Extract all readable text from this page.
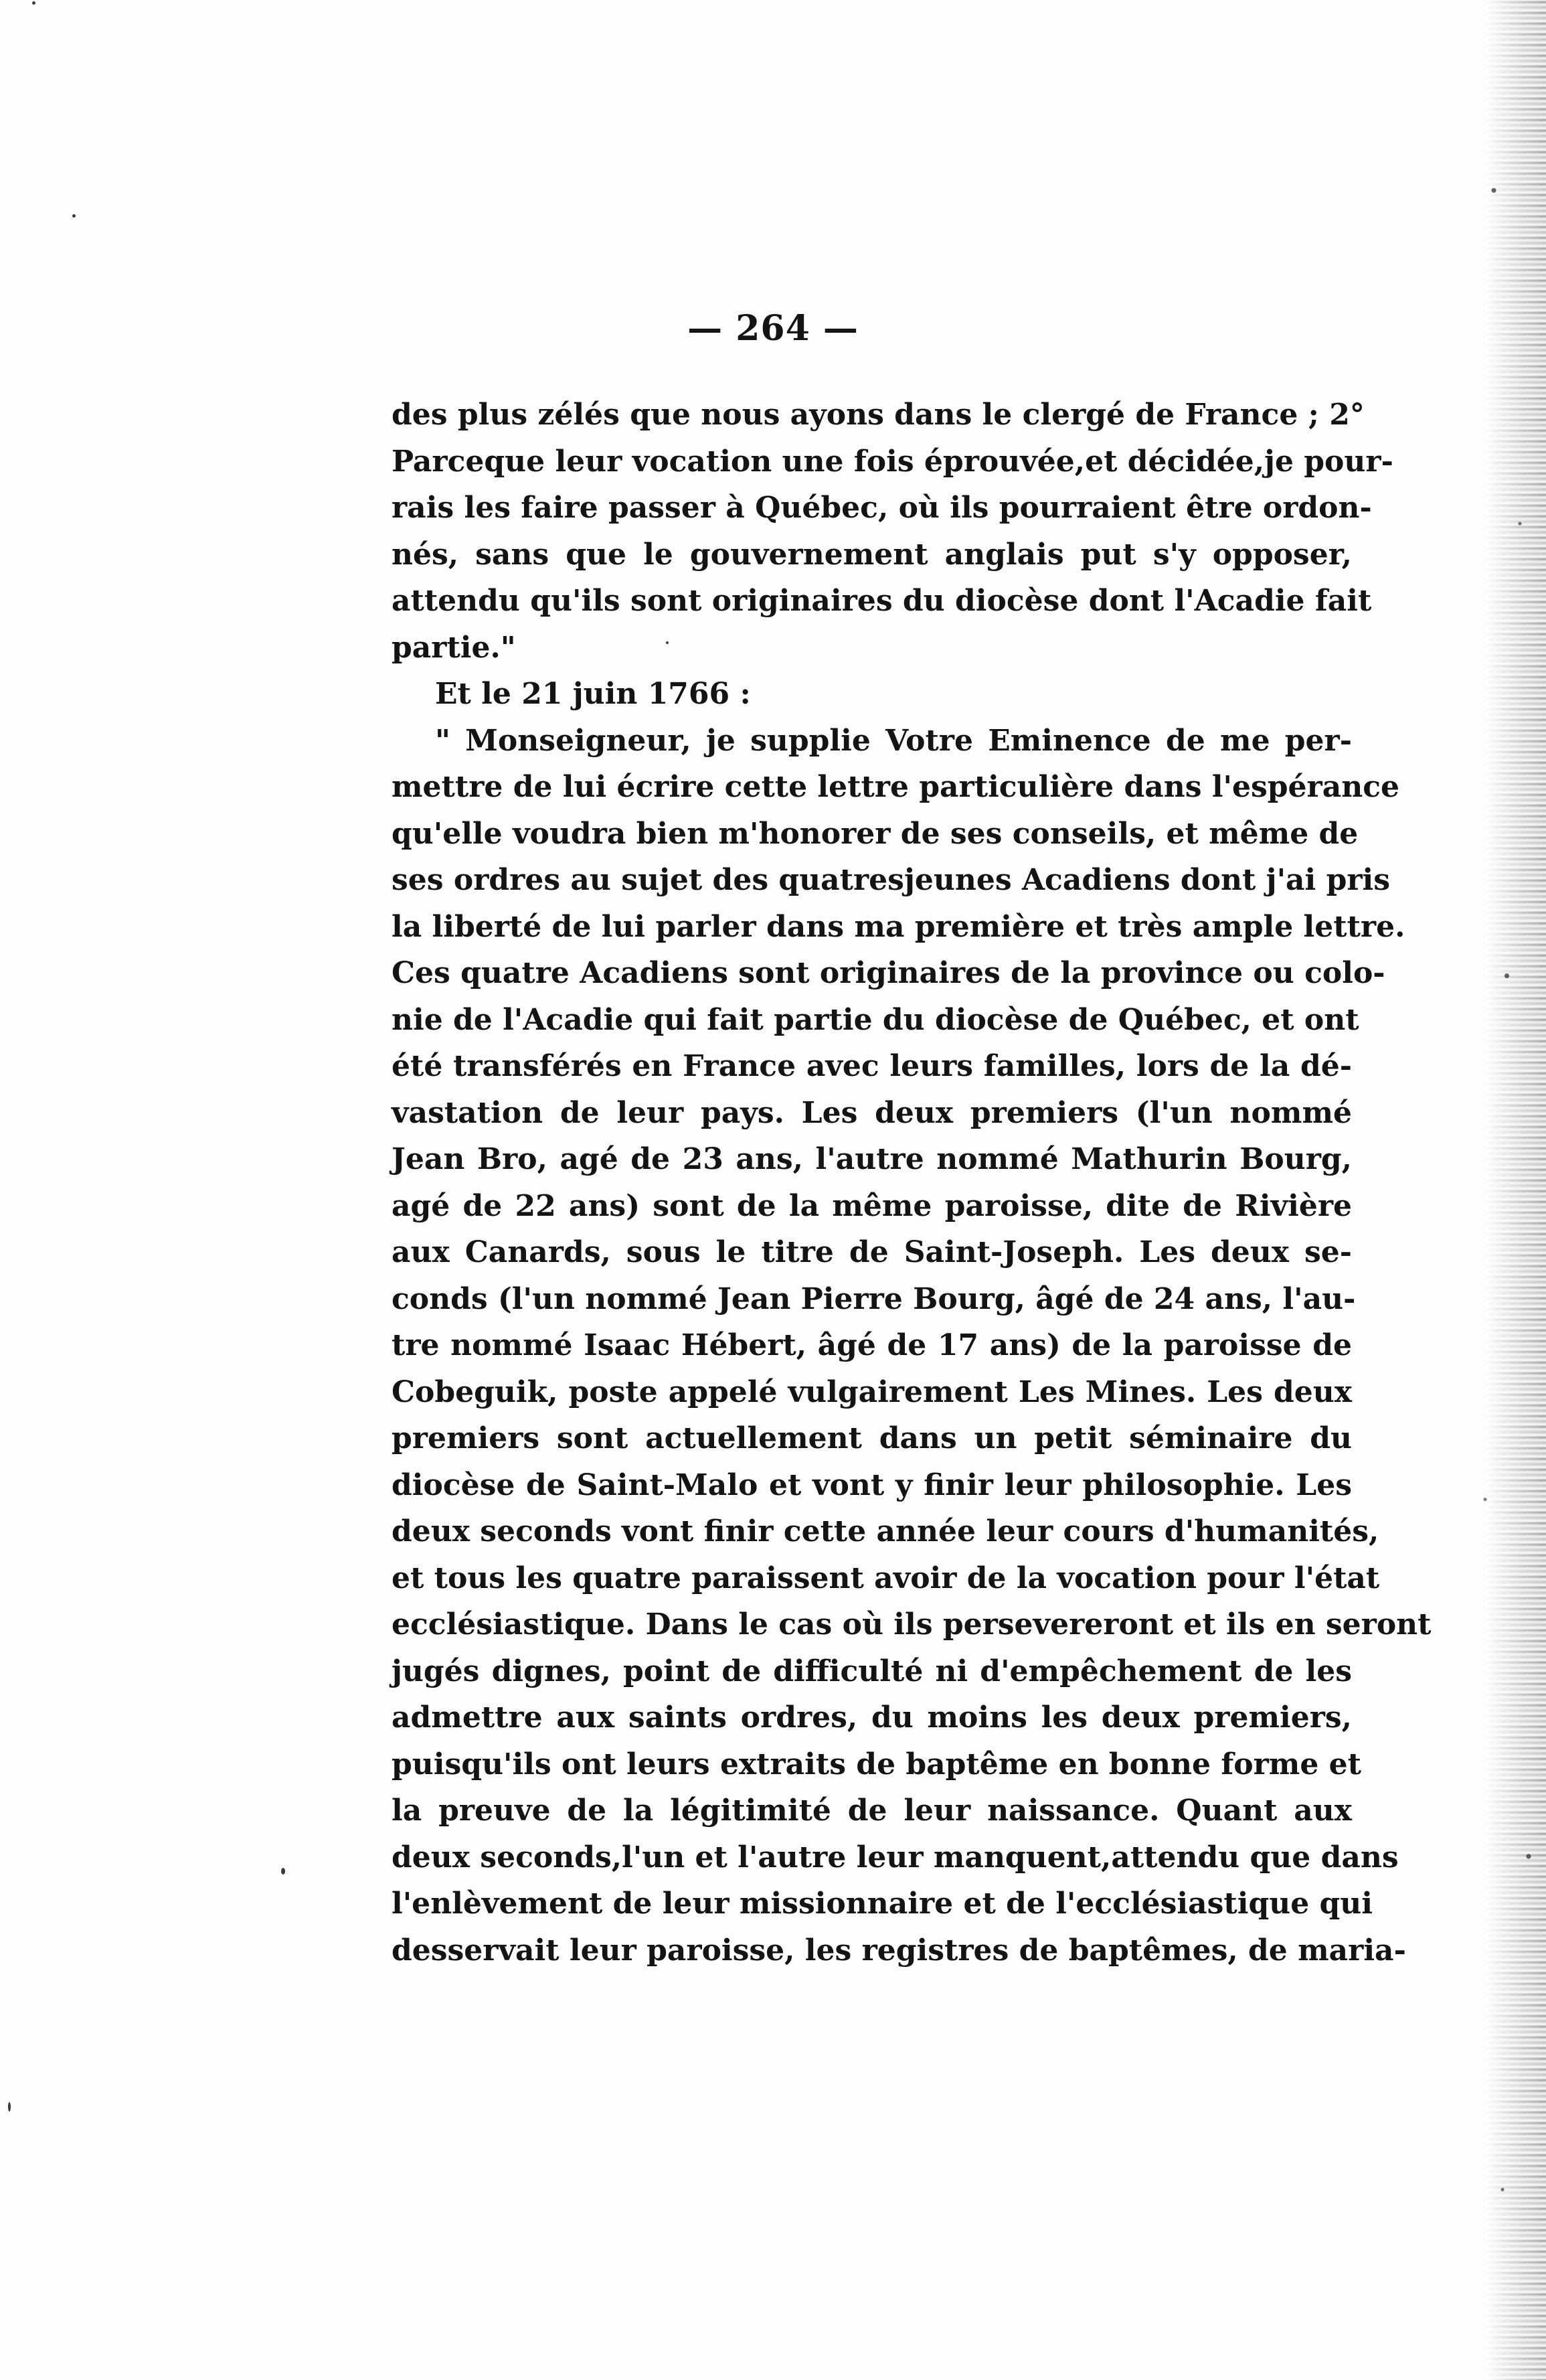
— 264 —
des plus zélés que nous ayons dans le clergé de France ; 2°
Parceque leur vocation une fois éprouvée,et décidée,je pour-
rais les faire passer à Québec, où ils pourraient être ordon-
nés, sans que le gouvernement anglais put s'y opposer,
attendu qu'ils sont originaires du diocèse dont l'Acadie fait
partie."
Et le 21 juin 1766 :
" Monseigneur, je supplie Votre Eminence de me per-
mettre de lui écrire cette lettre particulière dans l'espérance
qu'elle voudra bien m'honorer de ses conseils, et même de
ses ordres au sujet des quatresjeunes Acadiens dont j'ai pris
la liberté de lui parler dans ma première et très ample lettre.
Ces quatre Acadiens sont originaires de la province ou colo-
nie de l'Acadie qui fait partie du diocèse de Québec, et ont
été transférés en France avec leurs familles, lors de la dé-
vastation de leur pays. Les deux premiers (l'un nommé
Jean Bro, agé de 23 ans, l'autre nommé Mathurin Bourg,
agé de 22 ans) sont de la même paroisse, dite de Rivière
aux Canards, sous le titre de Saint-Joseph. Les deux se-
conds (l'un nommé Jean Pierre Bourg, âgé de 24 ans, l'au-
tre nommé Isaac Hébert, âgé de 17 ans) de la paroisse de
Cobeguik, poste appelé vulgairement Les Mines. Les deux
premiers sont actuellement dans un petit séminaire du
diocèse de Saint-Malo et vont y finir leur philosophie. Les
deux seconds vont finir cette année leur cours d'humanités,
et tous les quatre paraissent avoir de la vocation pour l'état
ecclésiastique. Dans le cas où ils persevereront et ils en seront
jugés dignes, point de difficulté ni d'empêchement de les
admettre aux saints ordres, du moins les deux premiers,
puisqu'ils ont leurs extraits de baptême en bonne forme et
la preuve de la légitimité de leur naissance. Quant aux
deux seconds,l'un et l'autre leur manquent,attendu que dans
l'enlèvement de leur missionnaire et de l'ecclésiastique qui
desservait leur paroisse, les registres de baptêmes, de maria-
